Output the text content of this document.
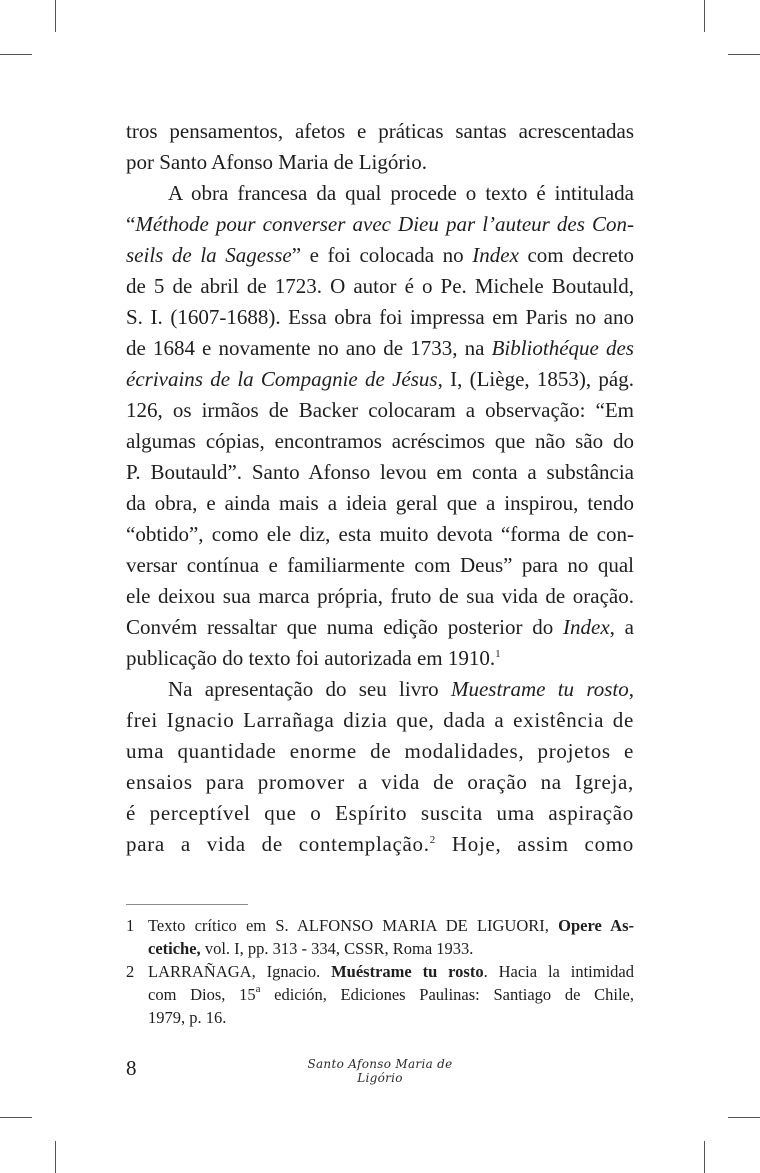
tros pensamentos, afetos e práticas santas acrescentadas
por Santo Afonso Maria de Ligório.
A obra francesa da qual procede o texto é intitulada
“Méthode pour converser avec Dieu par l’auteur des Con-
seils de la Sagesse” e foi colocada no Index com decreto
de 5 de abril de 1723. O autor é o Pe. Michele Boutauld,
S. I. (1607-1688). Essa obra foi impressa em Paris no ano
de 1684 e novamente no ano de 1733, na Bibliothéque des
écrivains de la Compagnie de Jésus, I, (Liège, 1853), pág.
126, os irmãos de Backer colocaram a observação: “Em
algumas cópias, encontramos acréscimos que não são do
P. Boutauld”. Santo Afonso levou em conta a substância
da obra, e ainda mais a ideia geral que a inspirou, tendo
“obtido”, como ele diz, esta muito devota “forma de con-
versar contínua e familiarmente com Deus” para no qual
ele deixou sua marca própria, fruto de sua vida de oração.
Convém ressaltar que numa edição posterior do Index, a
publicação do texto foi autorizada em 1910.$^1$
Na apresentação do seu livro Muestrame tu rosto,
frei Ignacio Larrañaga dizia que, dada a existência de
uma quantidade enorme de modalidades, projetos e
ensaios para promover a vida de oração na Igreja,
é perceptível que o Espírito suscita uma aspiração
para a vida de contemplação.$^2$ Hoje, assim como
1 Texto crítico em S. ALFONSO MARIA DE LIGUORI, Opere As-
cetiche, vol. I, pp. 313 - 334, CSSR, Roma 1933.
2 LARRAÑAGA, Ignacio. Muéstrame tu rosto. Hacia la intimidad
com Dios, 15$^a$ edición, Ediciones Paulinas: Santiago de Chile,
1979, p. 16.
8	Santo Afonso Maria de Ligório
